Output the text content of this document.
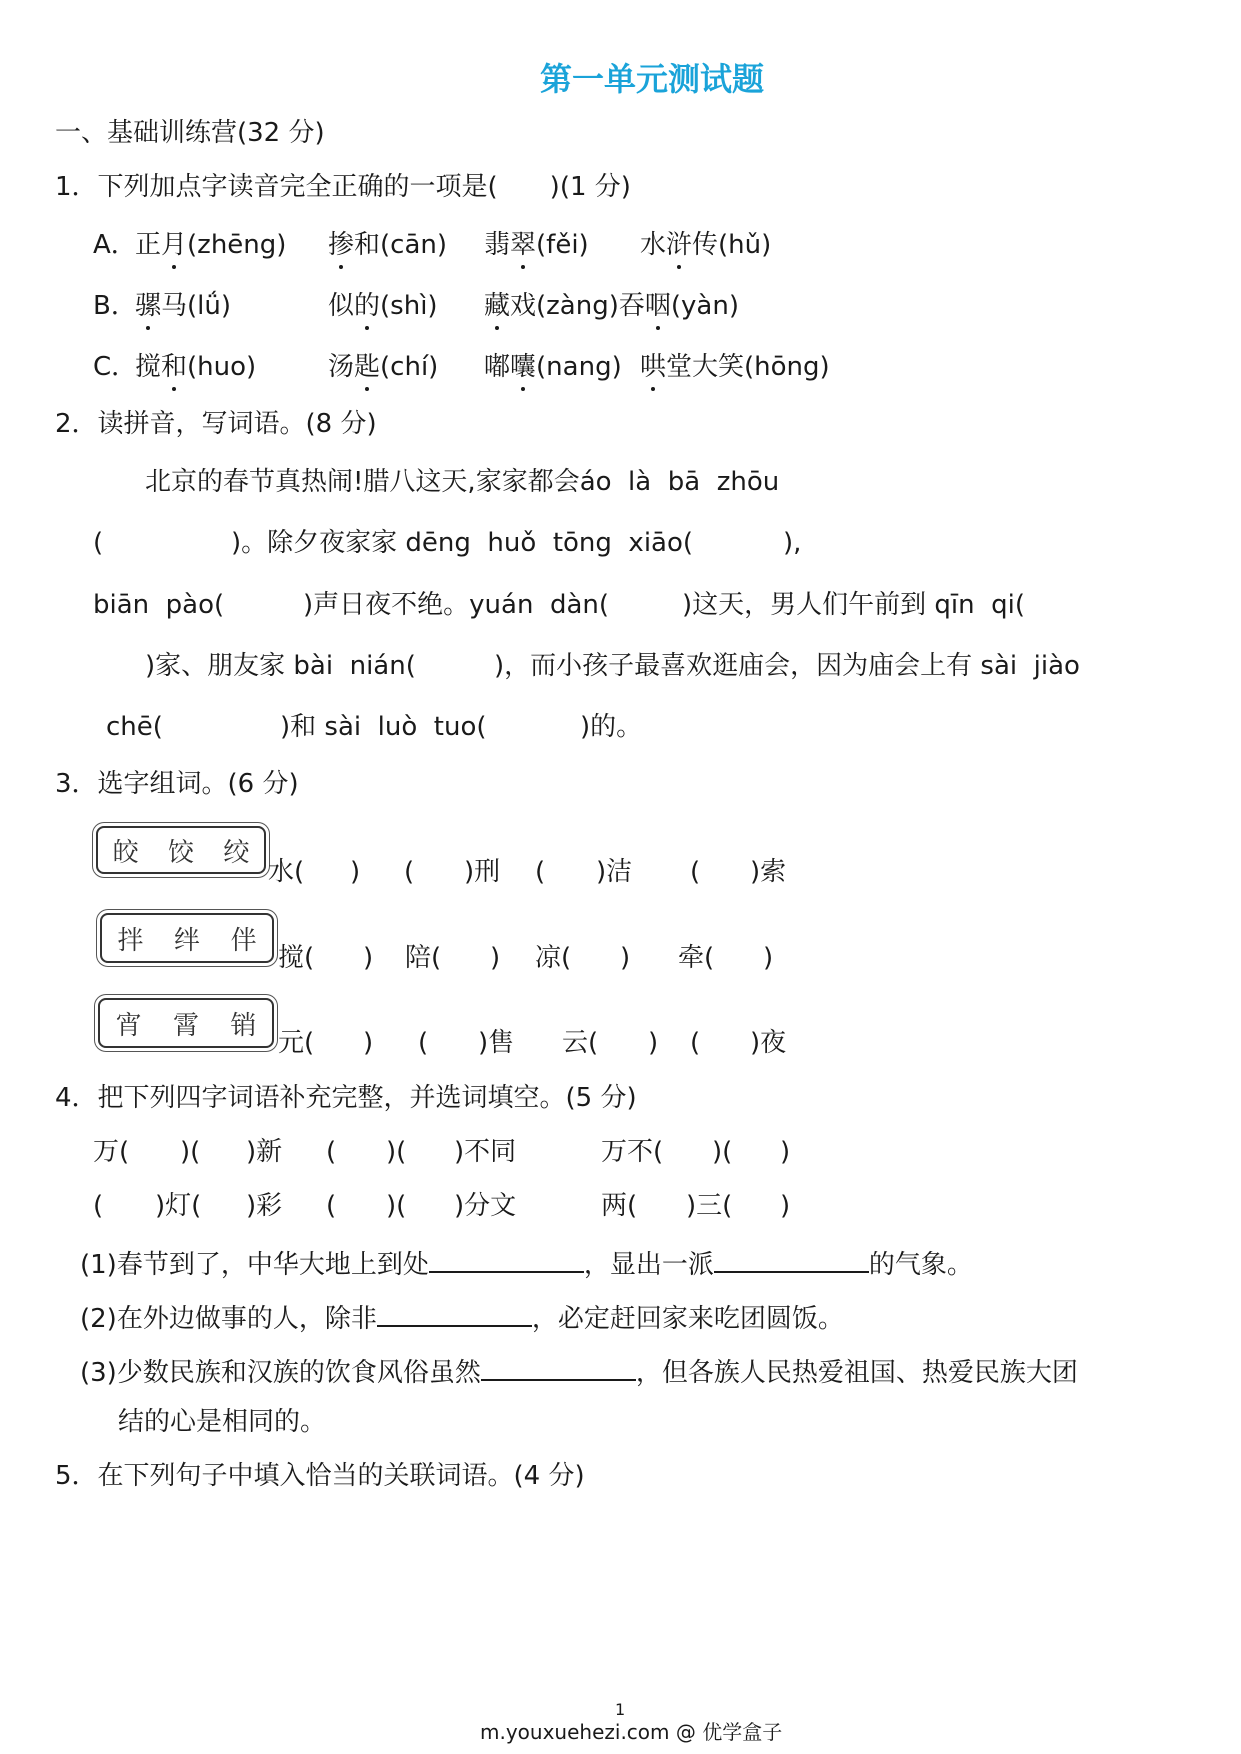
第一单元测试题
一、基础训练营(32 分)
1．下列加点字读音完全正确的一项是(　　)(1 分)
A．
正月(zhēng) 掺和(cān) 翡翠(fěi) 水浒传(hǔ)
B．
骡马(lǘ)	似的(shì) 藏戏(zàng)吞咽(yàn)
C．
搅和(huo)	汤匙(chí) 嘟囔(nang) 哄堂大笑(hōng)
2．读拼音，写词语。(8 分)
北京的春节真热闹!腊八这天,家家都会áo  là  bā  zhōu
(	)。除夕夜家家 dēng  huǒ  tōng  xiāo(	),
biān  pào(	)声日夜不绝。yuán  dàn(	)这天，男人们午前到 qīn  qi(
)家、朋友家 bài  nián(	)，而小孩子最喜欢逛庙会，因为庙会上有 sài  jiào
chē(	)和 sài  luò  tuo(	)的。
3．选字组词。(6 分)
皎 饺 绞
水( ) ( )刑 ( )洁 ( )索
拌 绊 伴
搅( ) 陪( ) 凉( ) 牵( )
宵 霄 销
元( ) ( )售 云( ) ( )夜
4．把下列四字词语补充完整，并选词填空。(5 分)
万( )( )新 ( )( )不同	万不( )( )
( )灯( )彩 ( )( )分文	两( )三( )
(1)春节到了，中华大地上到处	，显出一派	的气象。
(2)在外边做事的人，除非	，必定赶回家来吃团圆饭。
(3)少数民族和汉族的饮食风俗虽然	，但各族人民热爱祖国、热爱民族大团
结的心是相同的。
5．在下列句子中填入恰当的关联词语。(4 分)
1
m.youxuehezi.com @ 优学盒子
